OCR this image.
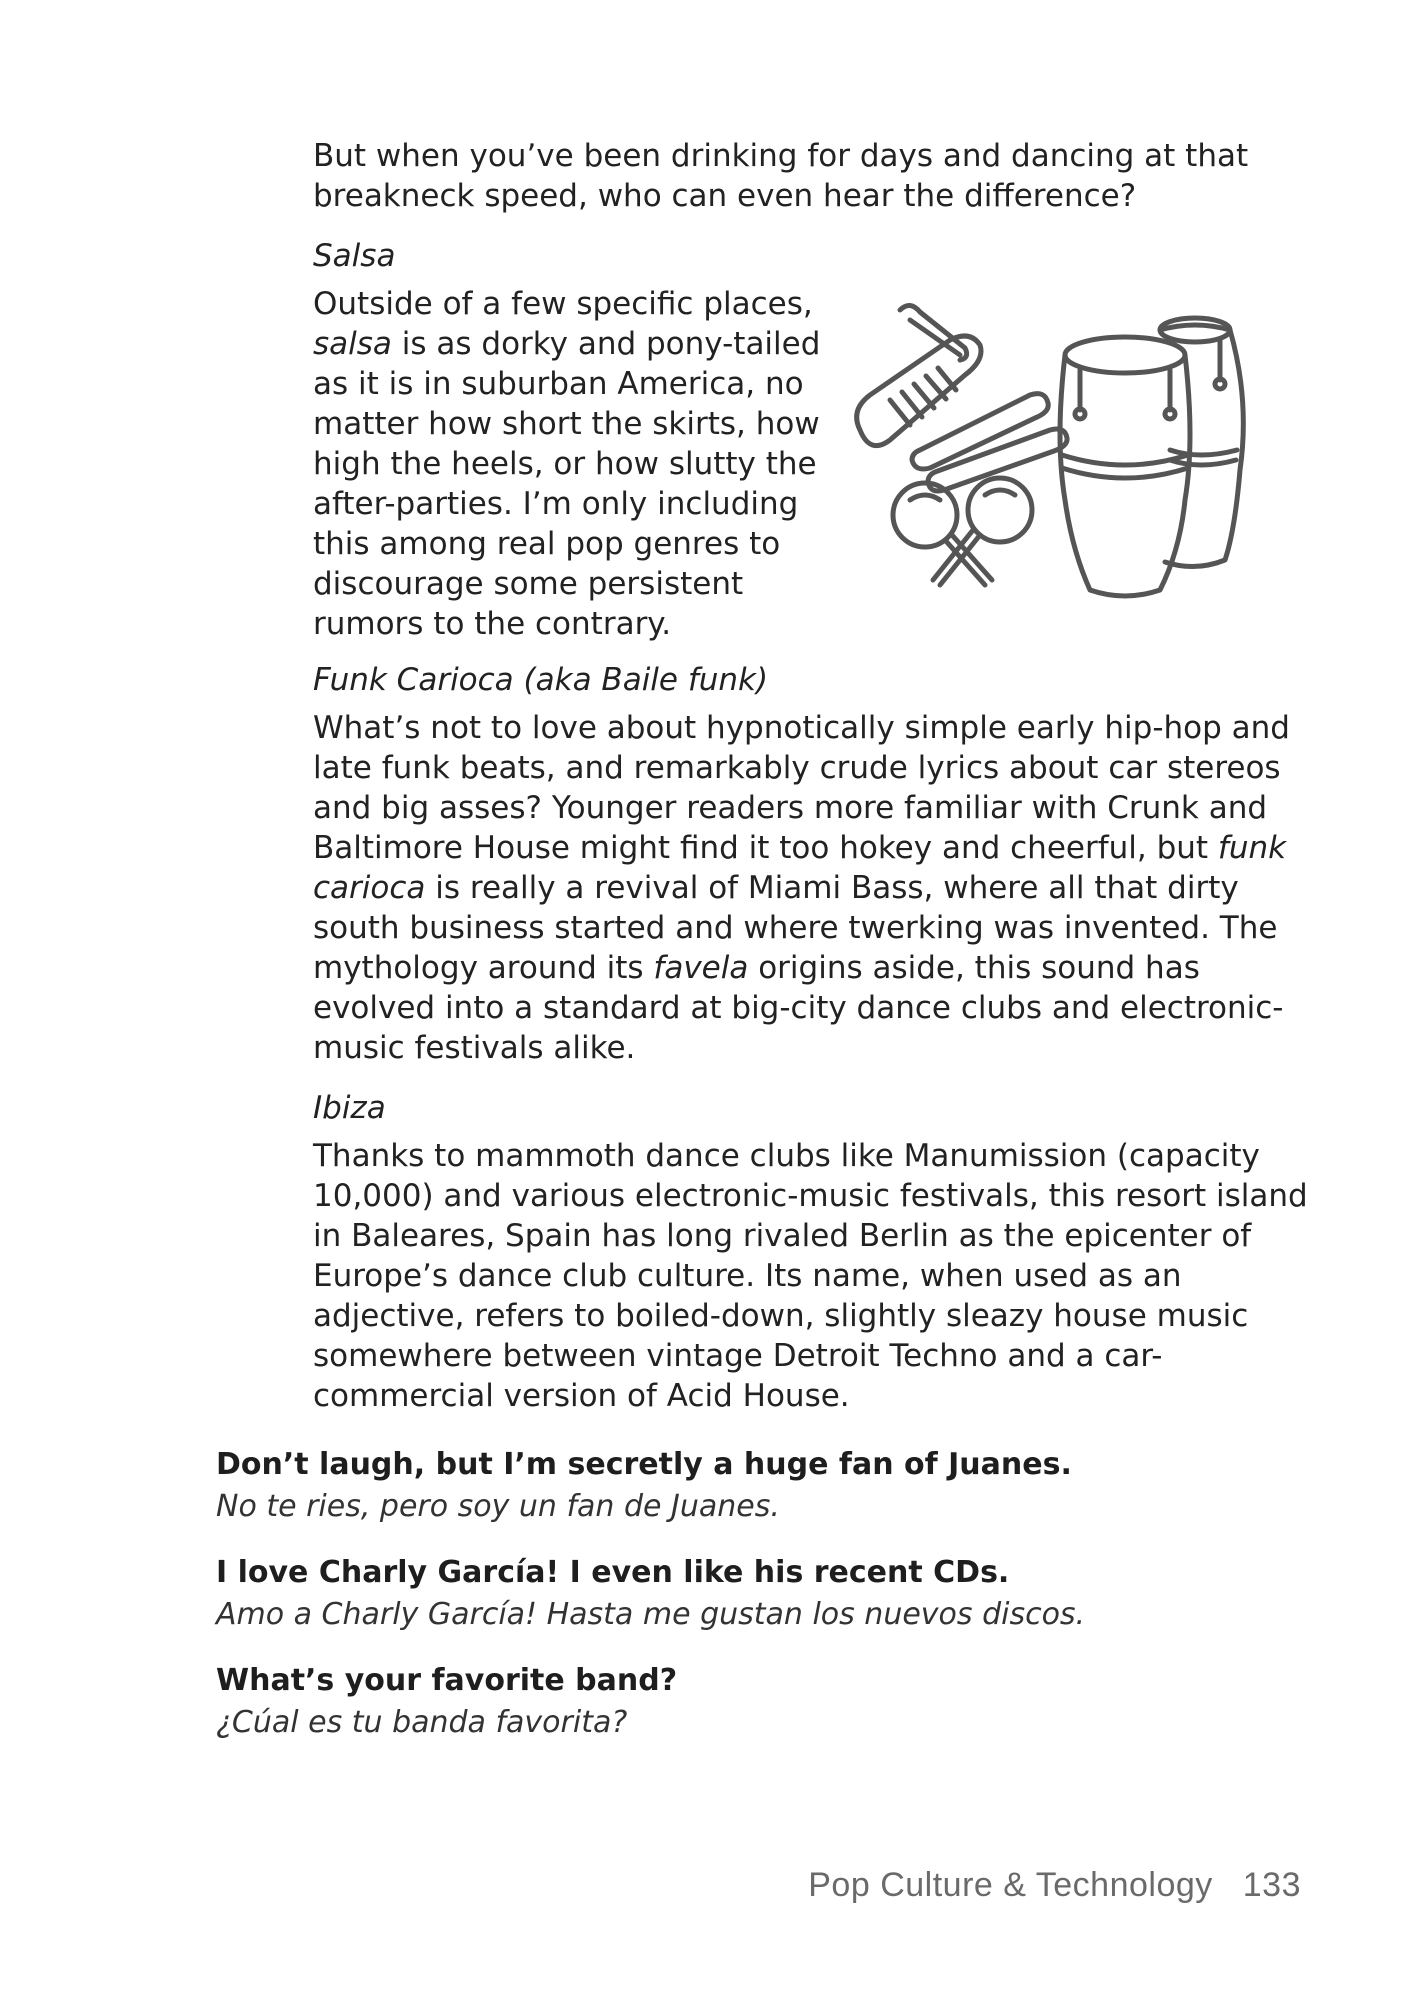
But when you’ve been drinking for days and dancing at that breakneck speed, who can even hear the difference?

Salsa

Outside of a few specific places, salsa is as dorky and pony-tailed as it is in suburban America, no matter how short the skirts, how high the heels, or how slutty the after-parties. I’m only including this among real pop genres to discourage some persistent rumors to the contrary.

Funk Carioca (aka Baile funk)

What’s not to love about hypnotically simple early hip-hop and late funk beats, and remarkably crude lyrics about car stereos and big asses? Younger readers more familiar with Crunk and Baltimore House might find it too hokey and cheerful, but funk carioca is really a revival of Miami Bass, where all that dirty south business started and where twerking was invented. The mythology around its favela origins aside, this sound has evolved into a standard at big-city dance clubs and electronic-music festivals alike.

Ibiza

Thanks to mammoth dance clubs like Manumission (capacity 10,000) and various electronic-music festivals, this resort island in Baleares, Spain has long rivaled Berlin as the epicenter of Europe’s dance club culture. Its name, when used as an adjective, refers to boiled-down, slightly sleazy house music somewhere between vintage Detroit Techno and a car-commercial version of Acid House.

Don’t laugh, but I’m secretly a huge fan of Juanes.

No te ries, pero soy un fan de Juanes.

I love Charly García! I even like his recent CDs.

Amo a Charly García! Hasta me gustan los nuevos discos.

What’s your favorite band?

¿Cúal es tu banda favorita?

Pop Culture & Technology 133
